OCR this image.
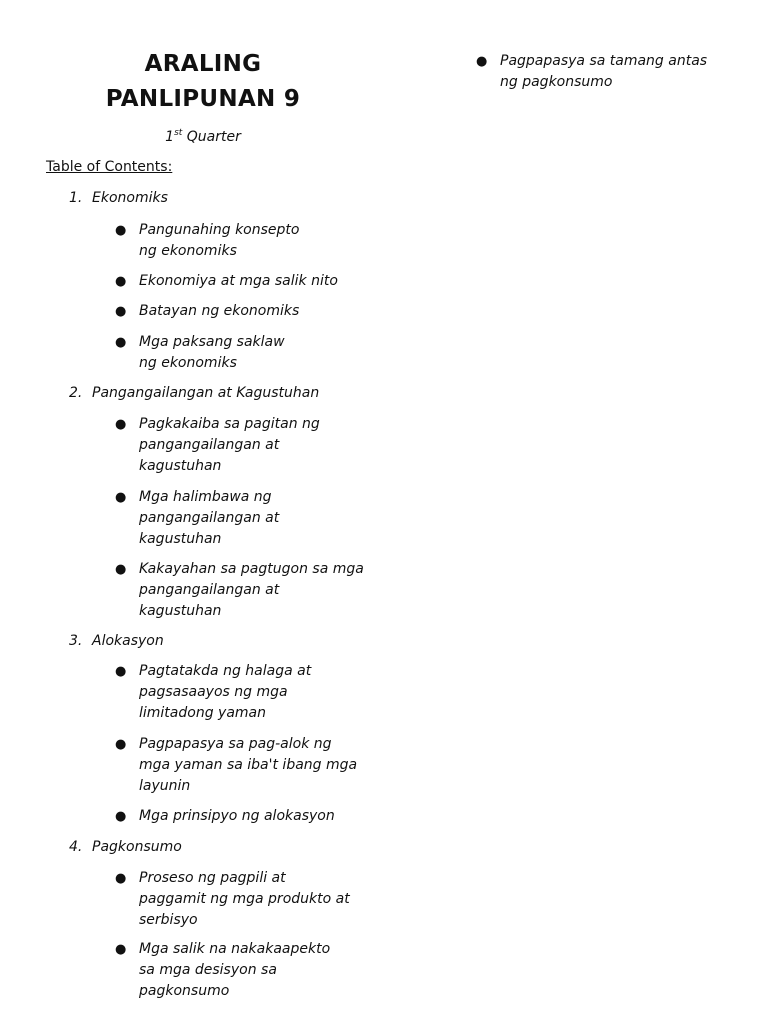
ARALING
PANLIPUNAN 9
1st Quarter
Table of Contents:
1. Ekonomiks
● Pangunahing konsepto
ng ekonomiks
● Ekonomiya at mga salik nito
● Batayan ng ekonomiks
● Mga paksang saklaw
ng ekonomiks
2. Pangangailangan at Kagustuhan
● Pagkakaiba sa pagitan ng
pangangailangan at
kagustuhan
● Mga halimbawa ng
pangangailangan at
kagustuhan
● Kakayahan sa pagtugon sa mga
pangangailangan at
kagustuhan
3. Alokasyon
● Pagtatakda ng halaga at
pagsasaayos ng mga
limitadong yaman
● Pagpapasya sa pag-alok ng
mga yaman sa iba't ibang mga
layunin
● Mga prinsipyo ng alokasyon
4. Pagkonsumo
● Proseso ng pagpili at
paggamit ng mga produkto at
serbisyo
● Mga salik na nakakaapekto
sa mga desisyon sa
pagkonsumo
● Pagpapasya sa tamang antas
ng pagkonsumo
